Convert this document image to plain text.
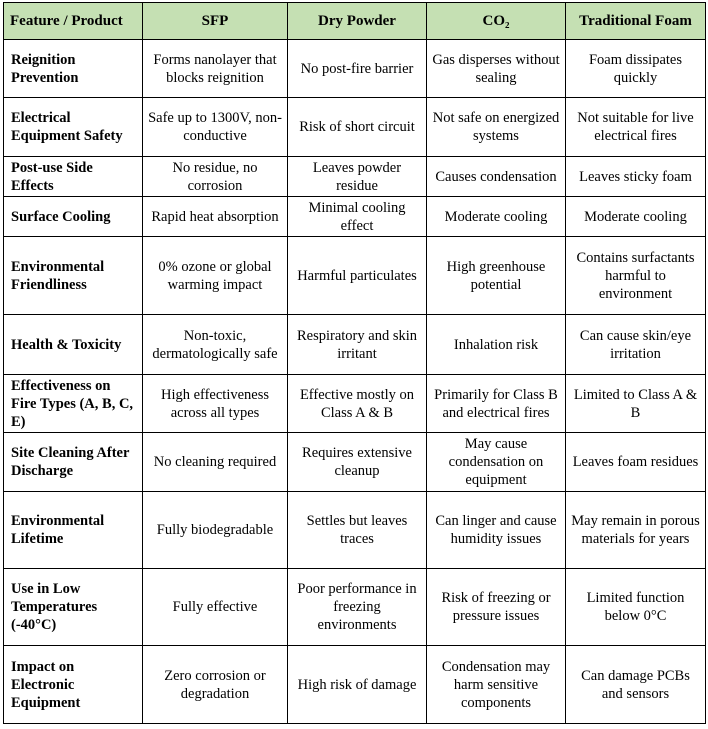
Feature / Product	SFP	Dry Powder	CO₂	Traditional Foam
Reignition Prevention	Forms nanolayer that blocks reignition	No post-fire barrier	Gas disperses without sealing	Foam dissipates quickly
Electrical Equipment Safety	Safe up to 1300V, non-conductive	Risk of short circuit	Not safe on energized systems	Not suitable for live electrical fires
Post-use Side Effects	No residue, no corrosion	Leaves powder residue	Causes condensation	Leaves sticky foam
Surface Cooling	Rapid heat absorption	Minimal cooling effect	Moderate cooling	Moderate cooling
Environmental Friendliness	0% ozone or global warming impact	Harmful particulates	High greenhouse potential	Contains surfactants harmful to environment
Health & Toxicity	Non-toxic, dermatologically safe	Respiratory and skin irritant	Inhalation risk	Can cause skin/eye irritation
Effectiveness on Fire Types (A, B, C, E)	High effectiveness across all types	Effective mostly on Class A & B	Primarily for Class B and electrical fires	Limited to Class A & B
Site Cleaning After Discharge	No cleaning required	Requires extensive cleanup	May cause condensation on equipment	Leaves foam residues
Environmental Lifetime	Fully biodegradable	Settles but leaves traces	Can linger and cause humidity issues	May remain in porous materials for years
Use in Low Temperatures (-40°C)	Fully effective	Poor performance in freezing environments	Risk of freezing or pressure issues	Limited function below 0°C
Impact on Electronic Equipment	Zero corrosion or degradation	High risk of damage	Condensation may harm sensitive components	Can damage PCBs and sensors
